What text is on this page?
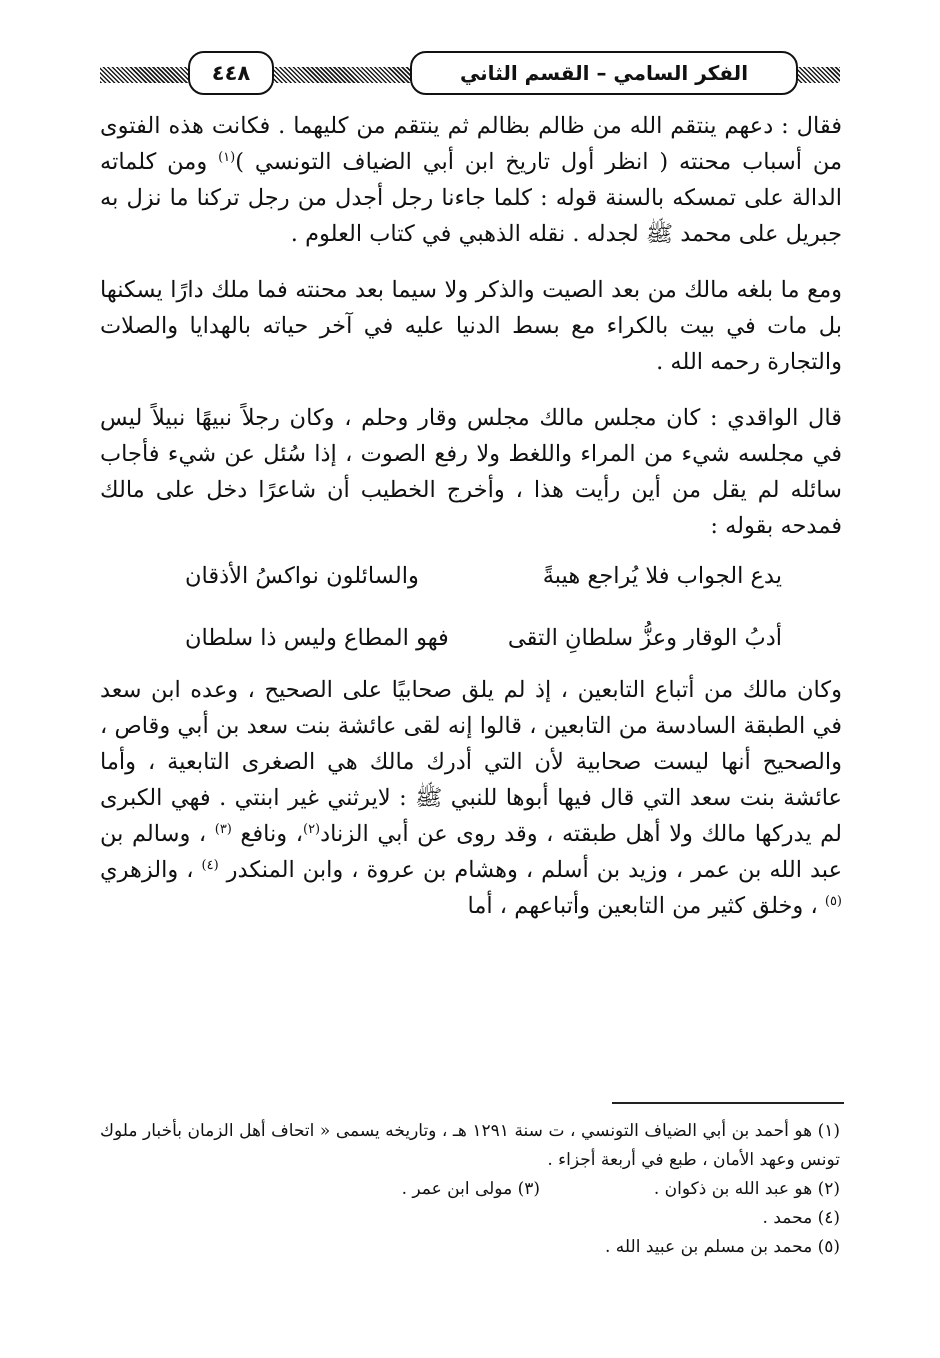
الفكر السامي – القسم الثاني
٤٤٨

فقال : دعهم ينتقم الله من ظالم بظالم ثم ينتقم من كليهما . فكانت هذه الفتوى من أسباب محنته ( انظر أول تاريخ ابن أبي الضياف التونسي )$^{(١)}$ ومن كلماته الدالة على تمسكه بالسنة قوله : كلما جاءنا رجل أجدل من رجل تركنا ما نزل به جبريل على محمد ﷺ لجدله . نقله الذهبي في كتاب العلوم .

ومع ما بلغه مالك من بعد الصيت والذكر ولا سيما بعد محنته فما ملك دارًا يسكنها بل مات في بيت بالكراء مع بسط الدنيا عليه في آخر حياته بالهدايا والصلات والتجارة رحمه الله .

قال الواقدي : كان مجلس مالك مجلس وقار وحلم ، وكان رجلاً نبيهًا نبيلاً ليس في مجلسه شيء من المراء واللغط ولا رفع الصوت ، إذا سُئل عن شيء فأجاب سائله لم يقل من أين رأيت هذا ، وأخرج الخطيب أن شاعرًا دخل على مالك فمدحه بقوله :

يدع الجواب فلا يُراجع هيبةً
والسائلون نواكسُ الأذقان
أدبُ الوقار وعزُّ سلطانِ التقى
فهو المطاع وليس ذا سلطان

وكان مالك من أتباع التابعين ، إذ لم يلق صحابيًا على الصحيح ، وعده ابن سعد في الطبقة السادسة من التابعين ، قالوا إنه لقى عائشة بنت سعد بن أبي وقاص ، والصحيح أنها ليست صحابية لأن التي أدرك مالك هي الصغرى التابعية ، وأما عائشة بنت سعد التي قال فيها أبوها للنبي ﷺ : لايرثني غير ابنتي . فهي الكبرى لم يدركها مالك ولا أهل طبقته ، وقد روى عن أبي الزناد$^{(٢)}$، ونافع $^{(٣)}$ ، وسالم بن عبد الله بن عمر ، وزيد بن أسلم ، وهشام بن عروة ، وابن المنكدر $^{(٤)}$ ، والزهري $^{(٥)}$ ، وخلق كثير من التابعين وأتباعهم ، أما

(١) هو أحمد بن أبي الضياف التونسي ، ت سنة ١٢٩١ هـ ، وتاريخه يسمى « اتحاف أهل الزمان بأخبار ملوك تونس وعهد الأمان ، طبع في أربعة أجزاء .

(٢) هو عبد الله بن ذكوان .
(٣) مولى ابن عمر .

(٤) محمد .

(٥) محمد بن مسلم بن عبيد الله .
